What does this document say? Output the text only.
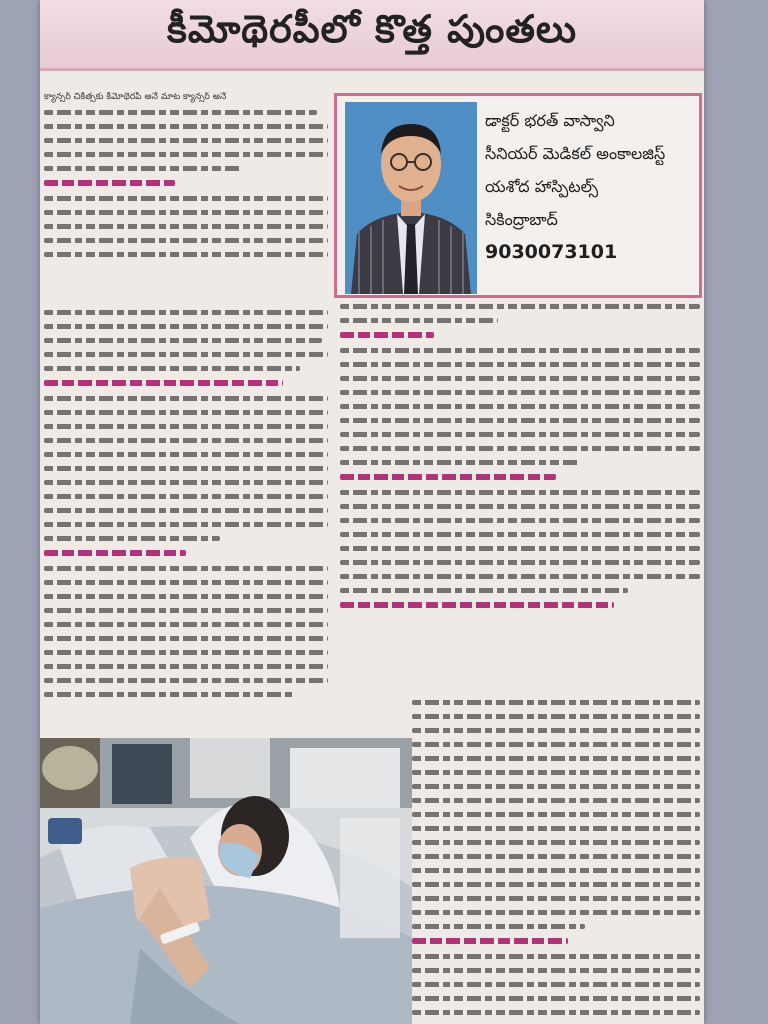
కీమోథెరపీలో కొత్త పుంతలు
క్యాన్సర్ చికిత్సకు కీమోథెరపీ అనే మాట క్యాన్సర్ అనే
డాక్టర్ భరత్ వాస్వాని
సీనియర్ మెడికల్ అంకాలజిస్ట్
యశోద హాస్పిటల్స్
సికింద్రాబాద్
9030073101
